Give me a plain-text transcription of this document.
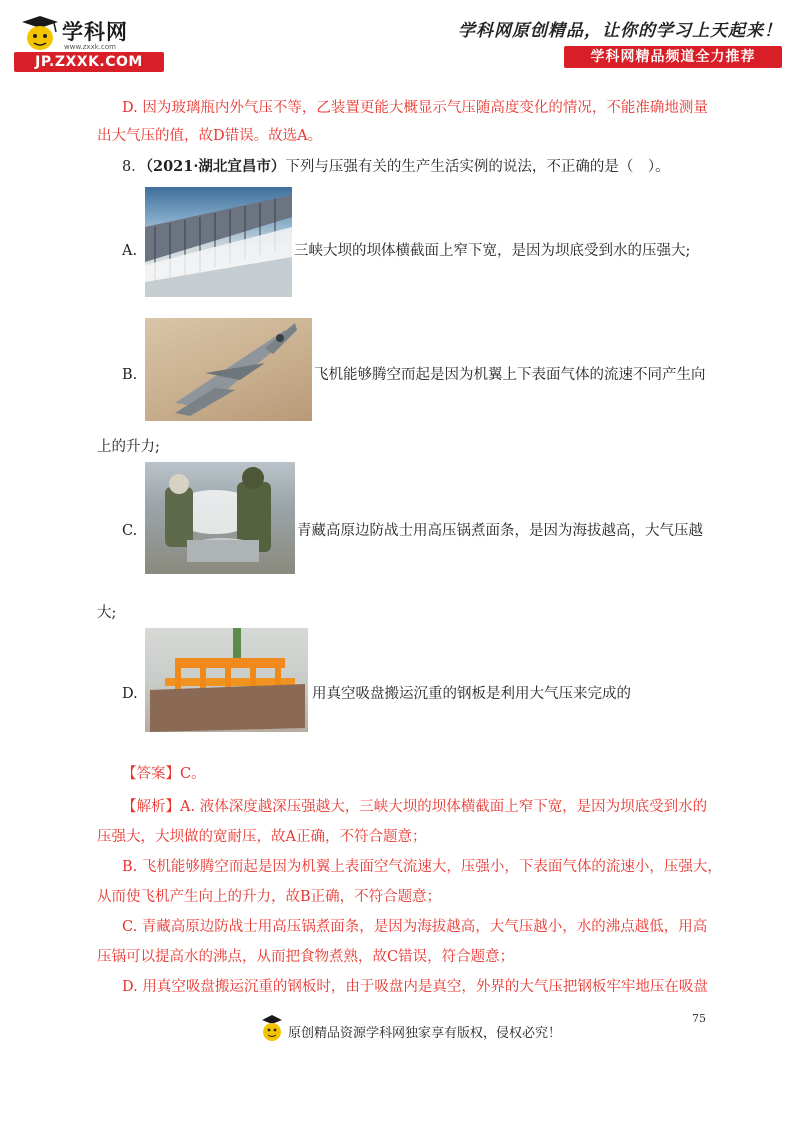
学科网
www.zxxk.com
JP.ZXXK.COM
学科网原创精品，让你的学习上天起来！
学科网精品频道全力推荐
D. 因为玻璃瓶内外气压不等，乙装置更能大概显示气压随高度变化的情况，不能准确地测量
出大气压的值，故D错误。故选A。
8．（2021·湖北宜昌市）下列与压强有关的生产生活实例的说法，不正确的是（　）。
A.	三峡大坝的坝体横截面上窄下宽，是因为坝底受到水的压强大;
B.	飞机能够腾空而起是因为机翼上下表面气体的流速不同产生向
上的升力;
C.	青藏高原边防战士用高压锅煮面条，是因为海拔越高，大气压越
大;
D.	用真空吸盘搬运沉重的钢板是利用大气压来完成的
【答案】C。
【解析】A. 液体深度越深压强越大，三峡大坝的坝体横截面上窄下宽，是因为坝底受到水的
压强大，大坝做的宽耐压，故A正确，不符合题意；
B. 飞机能够腾空而起是因为机翼上表面空气流速大，压强小，下表面气体的流速小，压强大，
从而使飞机产生向上的升力，故B正确，不符合题意；
C. 青藏高原边防战士用高压锅煮面条，是因为海拔越高，大气压越小，水的沸点越低，用高
压锅可以提高水的沸点，从而把食物煮熟，故C错误，符合题意；
D. 用真空吸盘搬运沉重的钢板时，由于吸盘内是真空，外界的大气压把钢板牢牢地压在吸盘
75
原创精品资源学科网独家享有版权，侵权必究！
